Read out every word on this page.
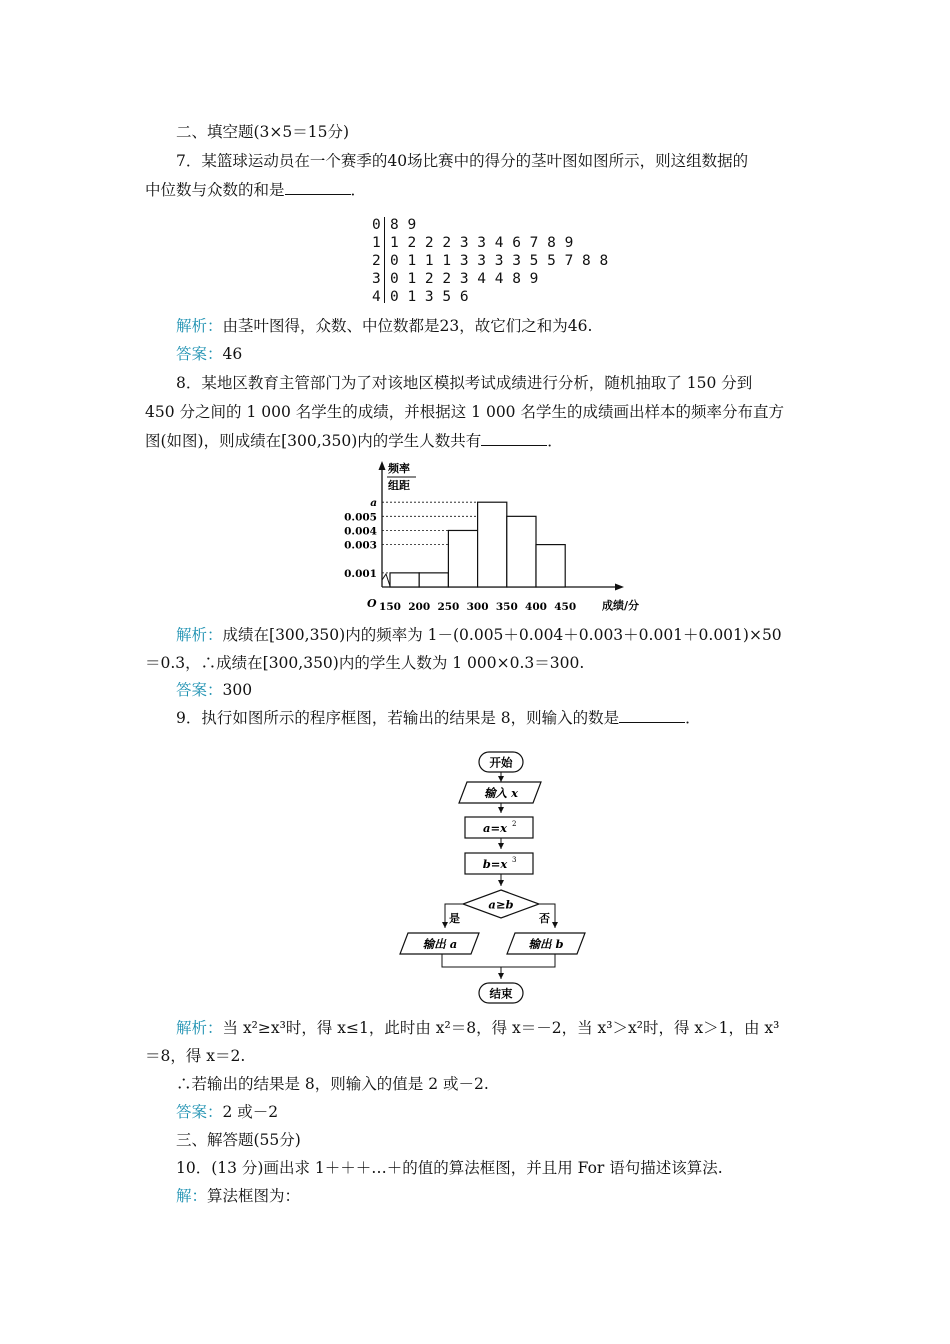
二、填空题(3×5＝15分)
7．某篮球运动员在一个赛季的40场比赛中的得分的茎叶图如图所示，则这组数据的
中位数与众数的和是	．
0 8 9
1 1 2 2 2 3 3 4 6 7 8 9
2 0 1 1 1 3 3 3 3 5 5 7 8 8
3 0 1 2 2 3 4 4 8 9
4 0 1 3 5 6
解析：由茎叶图得，众数、中位数都是23，故它们之和为46.
答案：46
8．某地区教育主管部门为了对该地区模拟考试成绩进行分析，随机抽取了 150 分到
450 分之间的 1 000 名学生的成绩，并根据这 1 000 名学生的成绩画出样本的频率分布直方
图(如图)，则成绩在[300,350)内的学生人数共有	．
频率
组距
O	成绩/分
150 200 250 300 350 400 450
a
0.005
0.004
0.003
0.001
解析：成绩在[300,350)内的频率为 1－(0.005＋0.004＋0.003＋0.001＋0.001)×50
＝0.3，∴成绩在[300,350)内的学生人数为 1 000×0.3＝300.
答案：300
9．执行如图所示的程序框图，若输出的结果是 8，则输入的数是	．
开始
输入 x
a=x 2
b=x 3
a≥b
是	否
输出 a	输出 b
结束
解析：当 x²≥x³时，得 x≤1，此时由 x²＝8，得 x＝－2，当 x³＞x²时，得 x＞1，由 x³
＝8，得 x＝2.
∴若输出的结果是 8，则输入的值是 2 或－2.
答案：2 或－2
三、解答题(55分)
10．(13 分)画出求 1＋＋＋…＋的值的算法框图，并且用 For 语句描述该算法.
解：算法框图为：
